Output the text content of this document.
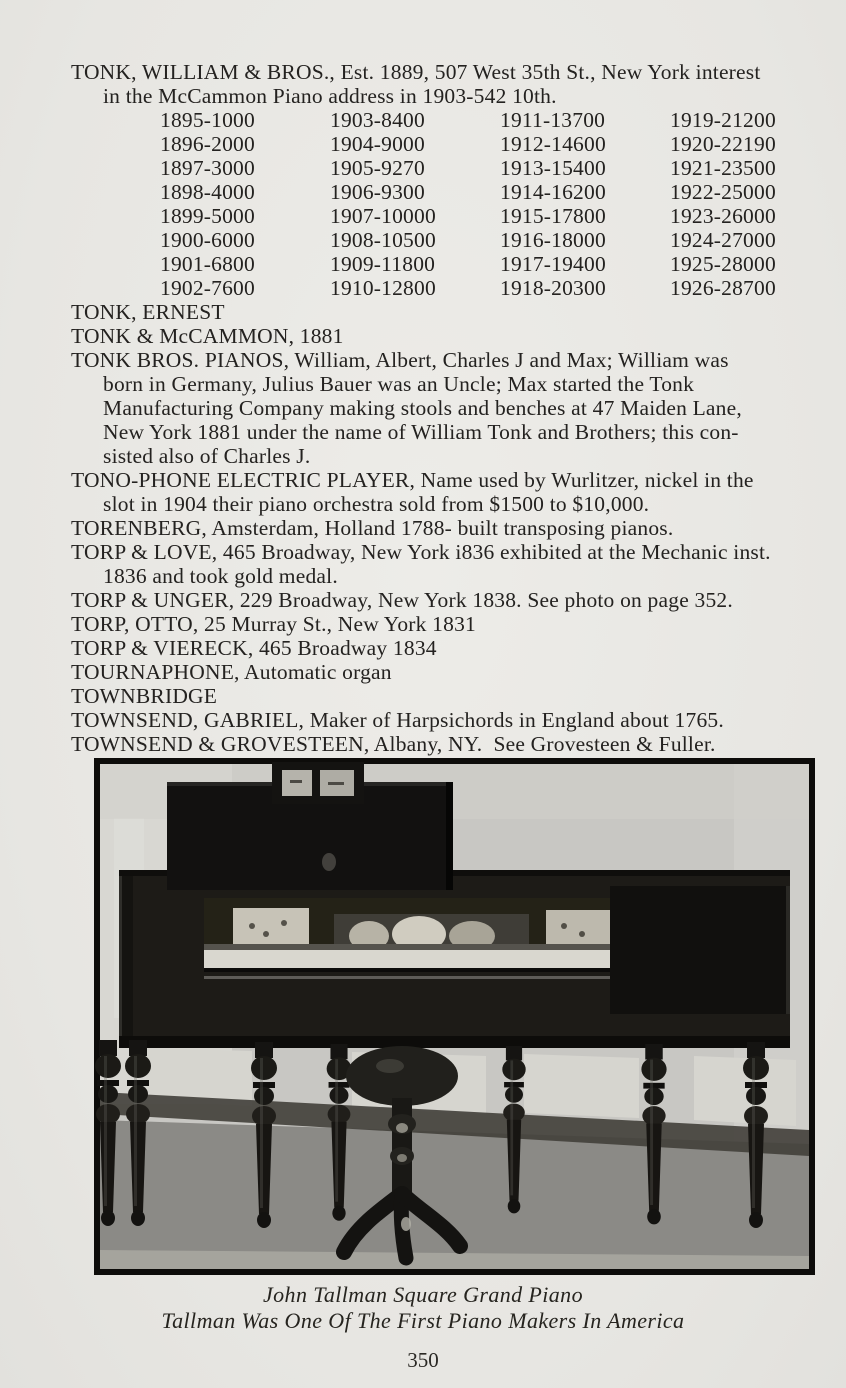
TONK, WILLIAM & BROS., Est. 1889, 507 West 35th St., New York interest
in the McCammon Piano address in 1903-542 10th.
1895-1000	1903-8400	1911-13700	1919-21200
1896-2000	1904-9000	1912-14600	1920-22190
1897-3000	1905-9270	1913-15400	1921-23500
1898-4000	1906-9300	1914-16200	1922-25000
1899-5000	1907-10000	1915-17800	1923-26000
1900-6000	1908-10500	1916-18000	1924-27000
1901-6800	1909-11800	1917-19400	1925-28000
1902-7600	1910-12800	1918-20300	1926-28700
TONK, ERNEST
TONK & McCAMMON, 1881
TONK BROS. PIANOS, William, Albert, Charles J and Max; William was
born in Germany, Julius Bauer was an Uncle; Max started the Tonk
Manufacturing Company making stools and benches at 47 Maiden Lane,
New York 1881 under the name of William Tonk and Brothers; this con-
sisted also of Charles J.
TONO-PHONE ELECTRIC PLAYER, Name used by Wurlitzer, nickel in the
slot in 1904 their piano orchestra sold from $1500 to $10,000.
TORENBERG, Amsterdam, Holland 1788- built transposing pianos.
TORP & LOVE, 465 Broadway, New York i836 exhibited at the Mechanic inst.
1836 and took gold medal.
TORP & UNGER, 229 Broadway, New York 1838. See photo on page 352.
TORP, OTTO, 25 Murray St., New York 1831
TORP & VIERECK, 465 Broadway 1834
TOURNAPHONE, Automatic organ
TOWNBRIDGE
TOWNSEND, GABRIEL, Maker of Harpsichords in England about 1765.
TOWNSEND & GROVESTEEN, Albany, NY.  See Grovesteen & Fuller.
John Tallman Square Grand Piano
Tallman Was One Of The First Piano Makers In America
350
